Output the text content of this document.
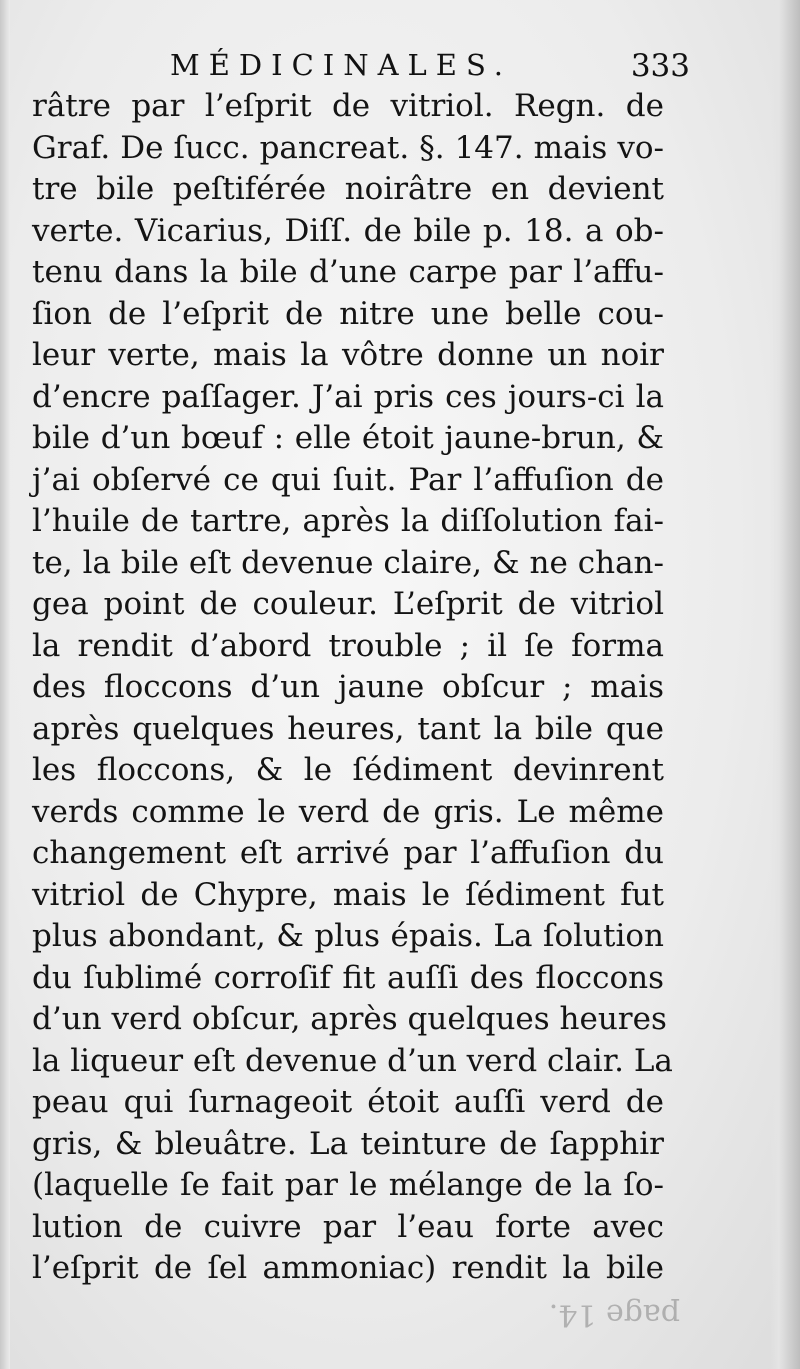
MÉDICINALES.	333
râtre par l’eſprit de vitriol. Regn. de
Graf. De ſucc. pancreat. §. 147. mais vo-
tre bile peſtiférée noirâtre en devient
verte. Vicarius, Diſſ. de bile p. 18. a ob-
tenu dans la bile d’une carpe par l’affu-
ſion de l’eſprit de nitre une belle cou-
leur verte, mais la vôtre donne un noir
d’encre paſſager. J’ai pris ces jours-ci la
bile d’un bœuf : elle étoit jaune-brun, &
j’ai obſervé ce qui ſuit. Par l’affuſion de
l’huile de tartre, après la diſſolution fai-
te, la bile eſt devenue claire, & ne chan-
gea point de couleur. L’eſprit de vitriol
la rendit d’abord trouble ; il ſe forma
des floccons d’un jaune obſcur ; mais
après quelques heures, tant la bile que
les floccons, & le ſédiment devinrent
verds comme le verd de gris. Le même
changement eſt arrivé par l’affuſion du
vitriol de Chypre, mais le ſédiment fut
plus abondant, & plus épais. La ſolution
du ſublimé corroſif fit auſſi des floccons
d’un verd obſcur, après quelques heures
la liqueur eſt devenue d’un verd clair. La
peau qui ſurnageoit étoit auſſi verd de
gris, & bleuâtre. La teinture de ſapphir
(laquelle ſe fait par le mélange de la ſo-
lution de cuivre par l’eau forte avec
l’eſprit de ſel ammoniac) rendit la bile
page 14.
